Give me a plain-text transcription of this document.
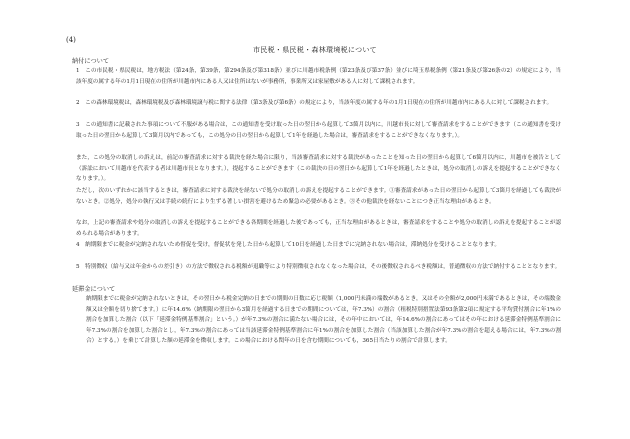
(4)
市民税・県民税・森林環境税について
納付について
1　この市民税・県民税は，地方税法（第24条，第39条，第294条及び第318条）並びに川越市税条例（第23条及び第37条）並びに埼玉県税条例（第21条及び第26条の2）の規定により，当該年度の属する年の1月1日現在の住所が川越市内にある人又は住所はないが事務所，事業所又は家屋敷がある人に対して課税されます。
2　この森林環境税は，森林環境税及び森林環境譲与税に関する法律（第3条及び第6条）の規定により，当該年度の属する年の1月1日現在の住所が川越市内にある人に対して課税されます。
3　この通知書に記載された事項について不服がある場合は，この通知書を受け取った日の翌日から起算して3箇月以内に，川越市長に対して審査請求をすることができます（この通知書を受け取った日の翌日から起算して3箇月以内であっても，この処分の日の翌日から起算して1年を経過した場合は，審査請求をすることができなくなります。）。
また，この処分の取消しの訴えは，前記の審査請求に対する裁決を経た場合に限り，当該審査請求に対する裁決があったことを知った日の翌日から起算して6箇月以内に，川越市を被告として（訴訟において川越市を代表する者は川越市長となります。），提起することができます（この裁決の日の翌日から起算して1年を経過したときは，処分の取消しの訴えを提起することができなくなります。）。
ただし，次のいずれかに該当するときは，審査請求に対する裁決を経ないで処分の取消しの訴えを提起することができます。①審査請求があった日の翌日から起算して3箇月を経過しても裁決がないとき。②処分，処分の執行又は手続の続行により生ずる著しい損害を避けるため緊急の必要があるとき。③その他裁決を経ないことにつき正当な理由があるとき。
なお，上記の審査請求や処分の取消しの訴えを提起することができる各期間を経過した後であっても，正当な理由があるときは，審査請求をすることや処分の取消しの訴えを提起することが認められる場合があります。
4　納期限までに税金が完納されないため督促を受け，督促状を発した日から起算して10日を経過した日までに完納されない場合は，滞納処分を受けることとなります。
5　特別徴収（給与又は年金からの差引き）の方法で徴収される税額が退職等により特別徴収されなくなった場合は，その後徴収されるべき税額は，普通徴収の方法で納付することとなります。
延滞金について
納期限までに税金が完納されないときは，その翌日から税金完納の日までの期間の日数に応じ税額（1,000円未満の端数があるとき，又はその全額が2,000円未満であるときは，その端数金額又は全額を切り捨てます。）に年14.6%（納期限の翌日から3箇月を経過する日までの期間については，年7.3%）の割合（租税特別措置法第93条第2項に規定する平均貸付割合に年1%の割合を加算した割合（以下「延滞金特例基準割合」という。）が年7.3%の割合に満たない場合には，その年中においては，年14.6%の割合にあってはその年における延滞金特例基準割合に年7.3%の割合を加算した割合とし，年7.3%の割合にあっては当該延滞金特例基準割合に年1%の割合を加算した割合（当該加算した割合が年7.3%の割合を超える場合には，年7.3%の割合）とする。）を乗じて計算した額の延滞金を徴収します。この場合における閏年の日を含む期間についても，365日当たりの割合で計算します。
